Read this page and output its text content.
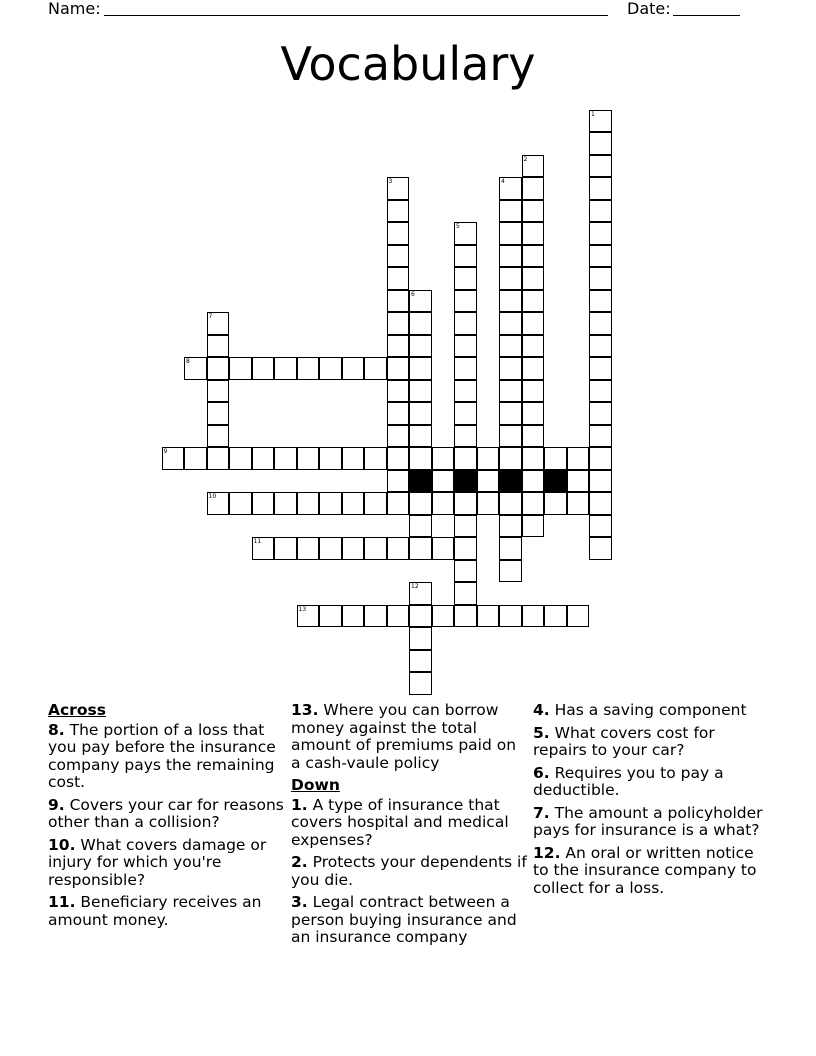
Name:	Date:
Vocabulary
1
2
3	4
5
6
7
8
9
10
11
12
13
Across
8. The portion of a loss that you pay before the insurance company pays the remaining cost.
9. Covers your car for reasons other than a collision?
10. What covers damage or injury for which you're responsible?
11. Beneficiary receives an amount money.
13. Where you can borrow money against the total amount of premiums paid on a cash-vaule policy
Down
1. A type of insurance that covers hospital and medical expenses?
2. Protects your dependents if you die.
3. Legal contract between a person buying insurance and an insurance company
4. Has a saving component
5. What covers cost for repairs to your car?
6. Requires you to pay a deductible.
7. The amount a policyholder pays for insurance is a what?
12. An oral or written notice to the insurance company to collect for a loss.
